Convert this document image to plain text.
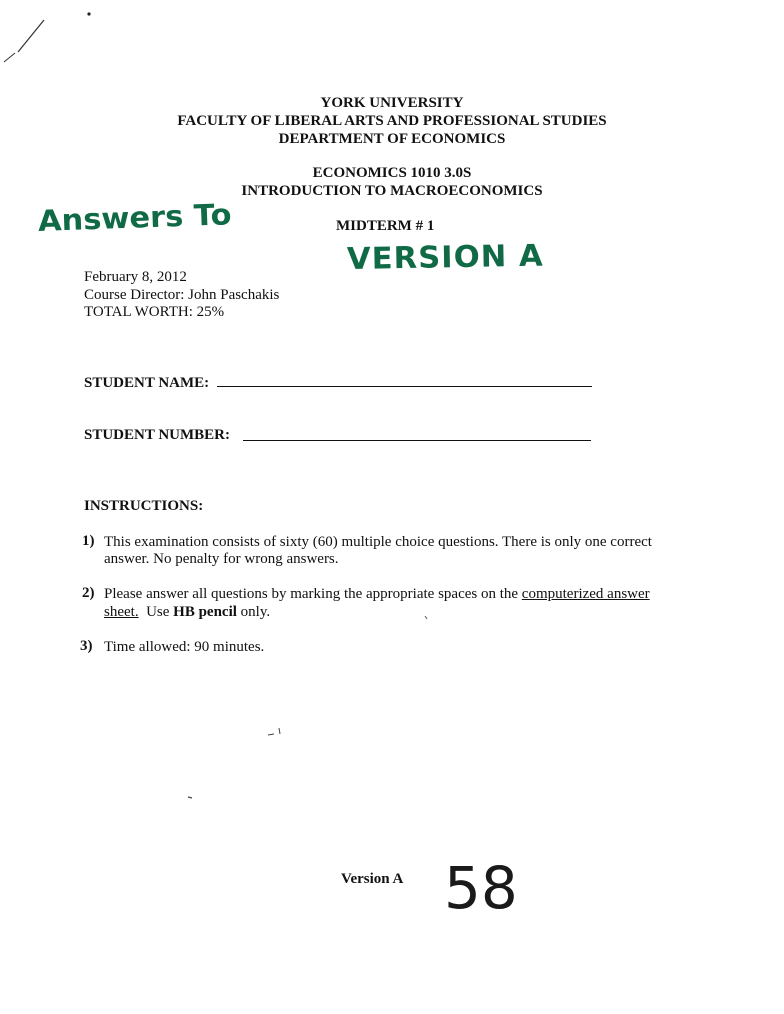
YORK UNIVERSITY
FACULTY OF LIBERAL ARTS AND PROFESSIONAL STUDIES
DEPARTMENT OF ECONOMICS
ECONOMICS 1010 3.0S
INTRODUCTION TO MACROECONOMICS
MIDTERM # 1
Answers To
VERSION A
February 8, 2012
Course Director: John Paschakis
TOTAL WORTH: 25%
STUDENT NAME:
STUDENT NUMBER:
INSTRUCTIONS:
1) This examination consists of sixty (60) multiple choice questions. There is only one correct
answer. No penalty for wrong answers.
2) Please answer all questions by marking the appropriate spaces on the computerized answer
sheet.  Use HB pencil only.
3) Time allowed: 90 minutes.
Version A 58
